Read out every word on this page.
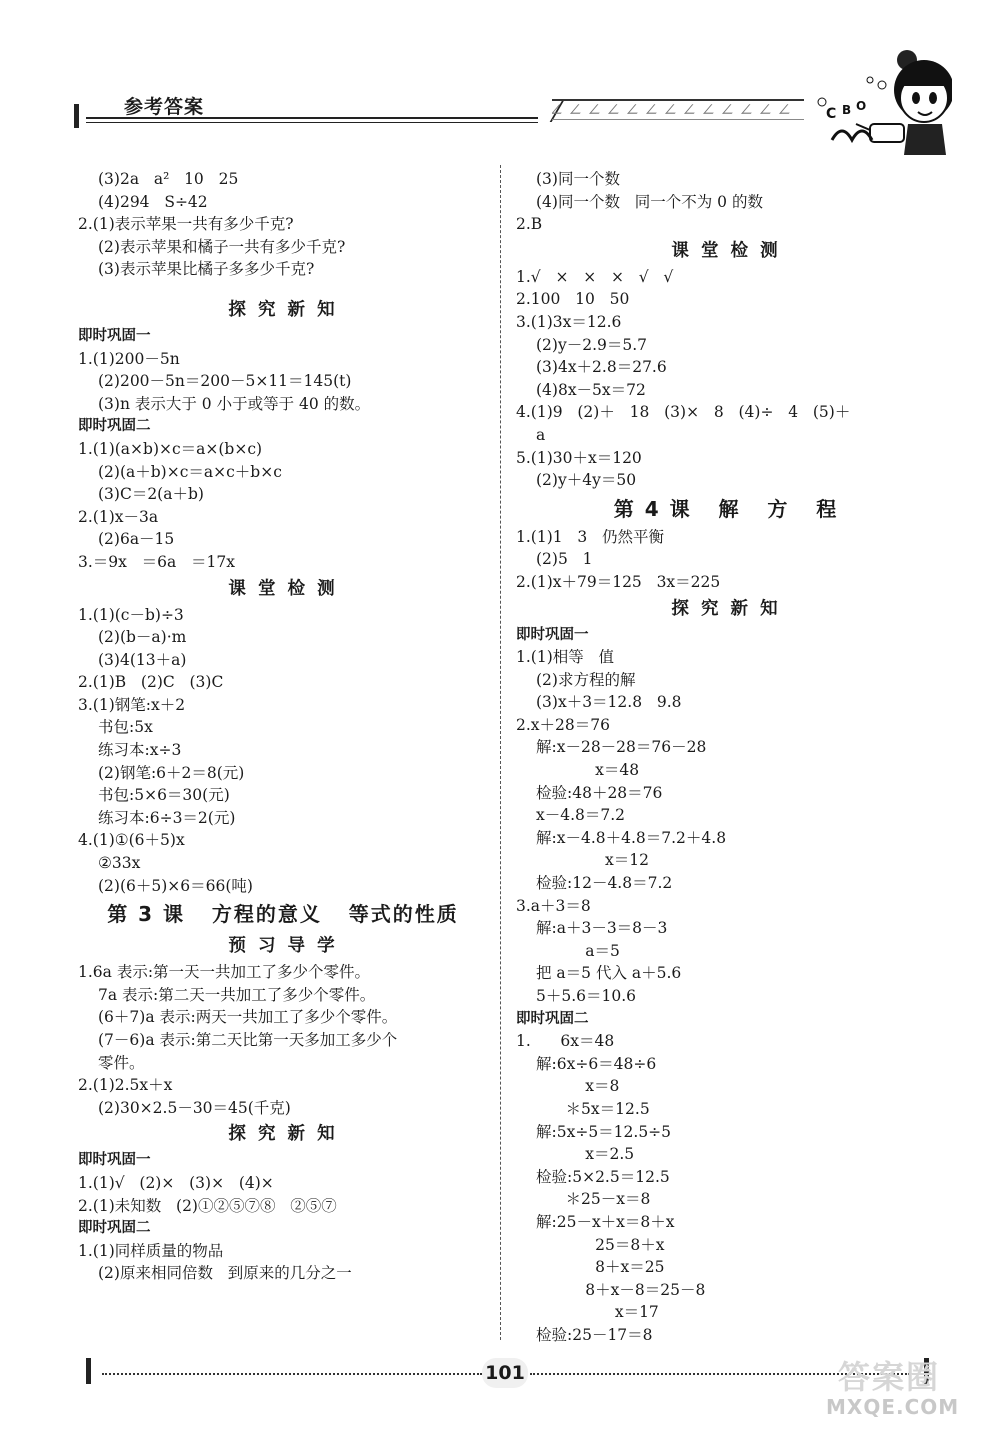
参考答案	C B O
(3)2a   a²   10   25
(4)294   S÷42
2.(1)表示苹果一共有多少千克?
(2)表示苹果和橘子一共有多少千克?
(3)表示苹果比橘子多多少千克?
探 究 新 知
即时巩固一
1.(1)200－5n
(2)200－5n＝200－5×11＝145(t)
(3)n 表示大于 0 小于或等于 40 的数。
即时巩固二
1.(1)(a×b)×c＝a×(b×c)
(2)(a＋b)×c＝a×c＋b×c
(3)C＝2(a＋b)
2.(1)x－3a
(2)6a－15
3.＝9x   ＝6a   ＝17x
课 堂 检 测
1.(1)(c－b)÷3
(2)(b－a)·m
(3)4(13＋a)
2.(1)B   (2)C   (3)C
3.(1)钢笔:x＋2
书包:5x
练习本:x÷3
(2)钢笔:6＋2＝8(元)
书包:5×6＝30(元)
练习本:6÷3＝2(元)
4.(1)①(6＋5)x
②33x
(2)(6＋5)×6＝66(吨)
第 3 课   方程的意义   等式的性质
预 习 导 学
1.6a 表示:第一天一共加工了多少个零件。
7a 表示:第二天一共加工了多少个零件。
(6＋7)a 表示:两天一共加工了多少个零件。
(7－6)a 表示:第二天比第一天多加工多少个
零件。
2.(1)2.5x＋x
(2)30×2.5－30＝45(千克)
探 究 新 知
即时巩固一
1.(1)√   (2)×   (3)×   (4)×
2.(1)未知数   (2)①②⑤⑦⑧   ②⑤⑦
即时巩固二
1.(1)同样质量的物品
(2)原来相同倍数   到原来的几分之一
(3)同一个数
(4)同一个数   同一个不为 0 的数
2.B
课 堂 检 测
1.√   ×   ×   ×   √   √
2.100   10   50
3.(1)3x＝12.6
(2)y－2.9＝5.7
(3)4x＋2.8＝27.6
(4)8x－5x＝72
4.(1)9   (2)＋   18   (3)×   8   (4)÷   4   (5)＋
a
5.(1)30＋x＝120
(2)y＋4y＝50
第 4 课   解   方   程
1.(1)1   3   仍然平衡
(2)5   1
2.(1)x＋79＝125   3x＝225
探 究 新 知
即时巩固一
1.(1)相等   值
(2)求方程的解
(3)x＋3＝12.8   9.8
2.x＋28＝76
解:x－28－28＝76－28
x＝48
检验:48＋28＝76
x－4.8＝7.2
解:x－4.8＋4.8＝7.2＋4.8
x＝12
检验:12－4.8＝7.2
3.a＋3＝8
解:a＋3－3＝8－3
a＝5
把 a＝5 代入 a＋5.6
5＋5.6＝10.6
即时巩固二
1.      6x＝48
解:6x÷6＝48÷6
x＝8
＊5x＝12.5
解:5x÷5＝12.5÷5
x＝2.5
检验:5×2.5＝12.5
＊25－x＝8
解:25－x＋x＝8＋x
25＝8＋x
8＋x＝25
8＋x－8＝25－8
x＝17
检验:25－17＝8
101	答案圈
MXQE.COM
